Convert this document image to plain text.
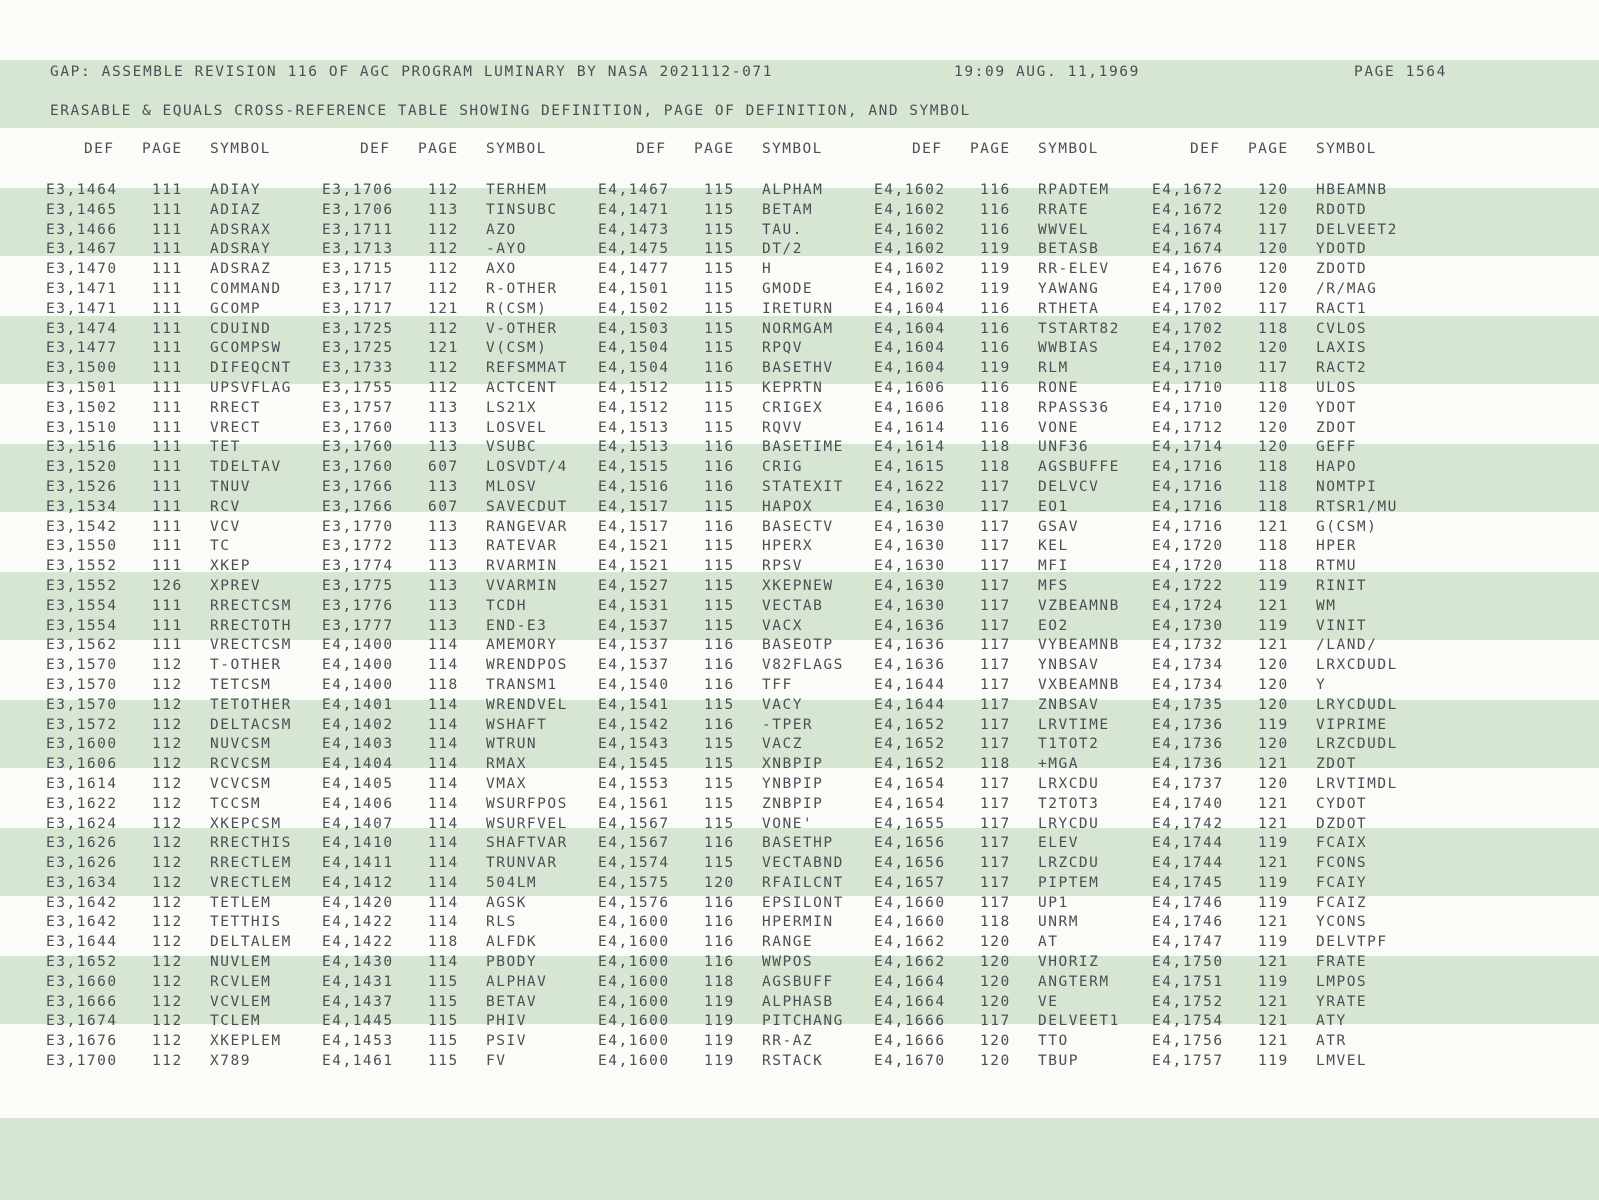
GAP: ASSEMBLE REVISION 116 OF AGC PROGRAM LUMINARY BY NASA 2021112-071	19:09 AUG. 11,1969	PAGE 1564
ERASABLE & EQUALS CROSS-REFERENCE TABLE SHOWING DEFINITION, PAGE OF DEFINITION, AND SYMBOL
DEF PAGE SYMBOL	DEF PAGE SYMBOL	DEF PAGE SYMBOL	DEF PAGE SYMBOL	DEF PAGE SYMBOL
E3,1464 111 ADIAY	E3,1706 112 TERHEM	E4,1467 115 ALPHAM	E4,1602 116 RPADTEM	E4,1672 120 HBEAMNB
E3,1465 111 ADIAZ	E3,1706 113 TINSUBC	E4,1471 115 BETAM	E4,1602 116 RRATE	E4,1672 120 RDOTD
E3,1466 111 ADSRAX	E3,1711 112 AZO	E4,1473 115 TAU.	E4,1602 116 WWVEL	E4,1674 117 DELVEET2
E3,1467 111 ADSRAY	E3,1713 112 -AYO	E4,1475 115 DT/2	E4,1602 119 BETASB	E4,1674 120 YDOTD
E3,1470 111 ADSRAZ	E3,1715 112 AXO	E4,1477 115 H	E4,1602 119 RR-ELEV	E4,1676 120 ZDOTD
E3,1471 111 COMMAND	E3,1717 112 R-OTHER	E4,1501 115 GMODE	E4,1602 119 YAWANG	E4,1700 120 /R/MAG
E3,1471 111 GCOMP	E3,1717 121 R(CSM)	E4,1502 115 IRETURN	E4,1604 116 RTHETA	E4,1702 117 RACT1
E3,1474 111 CDUIND	E3,1725 112 V-OTHER	E4,1503 115 NORMGAM	E4,1604 116 TSTART82 E4,1702 118 CVLOS
E3,1477 111 GCOMPSW	E3,1725 121 V(CSM)	E4,1504 115 RPQV	E4,1604 116 WWBIAS	E4,1702 120 LAXIS
E3,1500 111 DIFEQCNT E3,1733 112 REFSMMAT E4,1504 116 BASETHV	E4,1604 119 RLM	E4,1710 117 RACT2
E3,1501 111 UPSVFLAG E3,1755 112 ACTCENT	E4,1512 115 KEPRTN	E4,1606 116 RONE	E4,1710 118 ULOS
E3,1502 111 RRECT	E3,1757 113 LS21X	E4,1512 115 CRIGEX	E4,1606 118 RPASS36	E4,1710 120 YDOT
E3,1510 111 VRECT	E3,1760 113 LOSVEL	E4,1513 115 RQVV	E4,1614 116 VONE	E4,1712 120 ZDOT
E3,1516 111 TET	E3,1760 113 VSUBC	E4,1513 116 BASETIME E4,1614 118 UNF36	E4,1714 120 GEFF
E3,1520 111 TDELTAV	E3,1760 607 LOSVDT/4 E4,1515 116 CRIG	E4,1615 118 AGSBUFFE E4,1716 118 HAPO
E3,1526 111 TNUV	E3,1766 113 MLOSV	E4,1516 116 STATEXIT E4,1622 117 DELVCV	E4,1716 118 NOMTPI
E3,1534 111 RCV	E3,1766 607 SAVECDUT E4,1517 115 HAPOX	E4,1630 117 EO1	E4,1716 118 RTSR1/MU
E3,1542 111 VCV	E3,1770 113 RANGEVAR E4,1517 116 BASECTV	E4,1630 117 GSAV	E4,1716 121 G(CSM)
E3,1550 111 TC	E3,1772 113 RATEVAR	E4,1521 115 HPERX	E4,1630 117 KEL	E4,1720 118 HPER
E3,1552 111 XKEP	E3,1774 113 RVARMIN	E4,1521 115 RPSV	E4,1630 117 MFI	E4,1720 118 RTMU
E3,1552 126 XPREV	E3,1775 113 VVARMIN	E4,1527 115 XKEPNEW	E4,1630 117 MFS	E4,1722 119 RINIT
E3,1554 111 RRECTCSM E3,1776 113 TCDH	E4,1531 115 VECTAB	E4,1630 117 VZBEAMNB E4,1724 121 WM
E3,1554 111 RRECTOTH E3,1777 113 END-E3	E4,1537 115 VACX	E4,1636 117 EO2	E4,1730 119 VINIT
E3,1562 111 VRECTCSM E4,1400 114 AMEMORY	E4,1537 116 BASEOTP	E4,1636 117 VYBEAMNB E4,1732 121 /LAND/
E3,1570 112 T-OTHER	E4,1400 114 WRENDPOS E4,1537 116 V82FLAGS E4,1636 117 YNBSAV	E4,1734 120 LRXCDUDL
E3,1570 112 TETCSM	E4,1400 118 TRANSM1	E4,1540 116 TFF	E4,1644 117 VXBEAMNB E4,1734 120 Y
E3,1570 112 TETOTHER E4,1401 114 WRENDVEL E4,1541 115 VACY	E4,1644 117 ZNBSAV	E4,1735 120 LRYCDUDL
E3,1572 112 DELTACSM E4,1402 114 WSHAFT	E4,1542 116 -TPER	E4,1652 117 LRVTIME	E4,1736 119 VIPRIME
E3,1600 112 NUVCSM	E4,1403 114 WTRUN	E4,1543 115 VACZ	E4,1652 117 T1TOT2	E4,1736 120 LRZCDUDL
E3,1606 112 RCVCSM	E4,1404 114 RMAX	E4,1545 115 XNBPIP	E4,1652 118 +MGA	E4,1736 121 ZDOT
E3,1614 112 VCVCSM	E4,1405 114 VMAX	E4,1553 115 YNBPIP	E4,1654 117 LRXCDU	E4,1737 120 LRVTIMDL
E3,1622 112 TCCSM	E4,1406 114 WSURFPOS E4,1561 115 ZNBPIP	E4,1654 117 T2TOT3	E4,1740 121 CYDOT
E3,1624 112 XKEPCSM	E4,1407 114 WSURFVEL E4,1567 115 VONE'	E4,1655 117 LRYCDU	E4,1742 121 DZDOT
E3,1626 112 RRECTHIS E4,1410 114 SHAFTVAR E4,1567 116 BASETHP	E4,1656 117 ELEV	E4,1744 119 FCAIX
E3,1626 112 RRECTLEM E4,1411 114 TRUNVAR	E4,1574 115 VECTABND E4,1656 117 LRZCDU	E4,1744 121 FCONS
E3,1634 112 VRECTLEM E4,1412 114 504LM	E4,1575 120 RFAILCNT E4,1657 117 PIPTEM	E4,1745 119 FCAIY
E3,1642 112 TETLEM	E4,1420 114 AGSK	E4,1576 116 EPSILONT E4,1660 117 UP1	E4,1746 119 FCAIZ
E3,1642 112 TETTHIS	E4,1422 114 RLS	E4,1600 116 HPERMIN	E4,1660 118 UNRM	E4,1746 121 YCONS
E3,1644 112 DELTALEM E4,1422 118 ALFDK	E4,1600 116 RANGE	E4,1662 120 AT	E4,1747 119 DELVTPF
E3,1652 112 NUVLEM	E4,1430 114 PBODY	E4,1600 116 WWPOS	E4,1662 120 VHORIZ	E4,1750 121 FRATE
E3,1660 112 RCVLEM	E4,1431 115 ALPHAV	E4,1600 118 AGSBUFF	E4,1664 120 ANGTERM	E4,1751 119 LMPOS
E3,1666 112 VCVLEM	E4,1437 115 BETAV	E4,1600 119 ALPHASB	E4,1664 120 VE	E4,1752 121 YRATE
E3,1674 112 TCLEM	E4,1445 115 PHIV	E4,1600 119 PITCHANG E4,1666 117 DELVEET1 E4,1754 121 ATY
E3,1676 112 XKEPLEM	E4,1453 115 PSIV	E4,1600 119 RR-AZ	E4,1666 120 TTO	E4,1756 121 ATR
E3,1700 112 X789	E4,1461 115 FV	E4,1600 119 RSTACK	E4,1670 120 TBUP	E4,1757 119 LMVEL
